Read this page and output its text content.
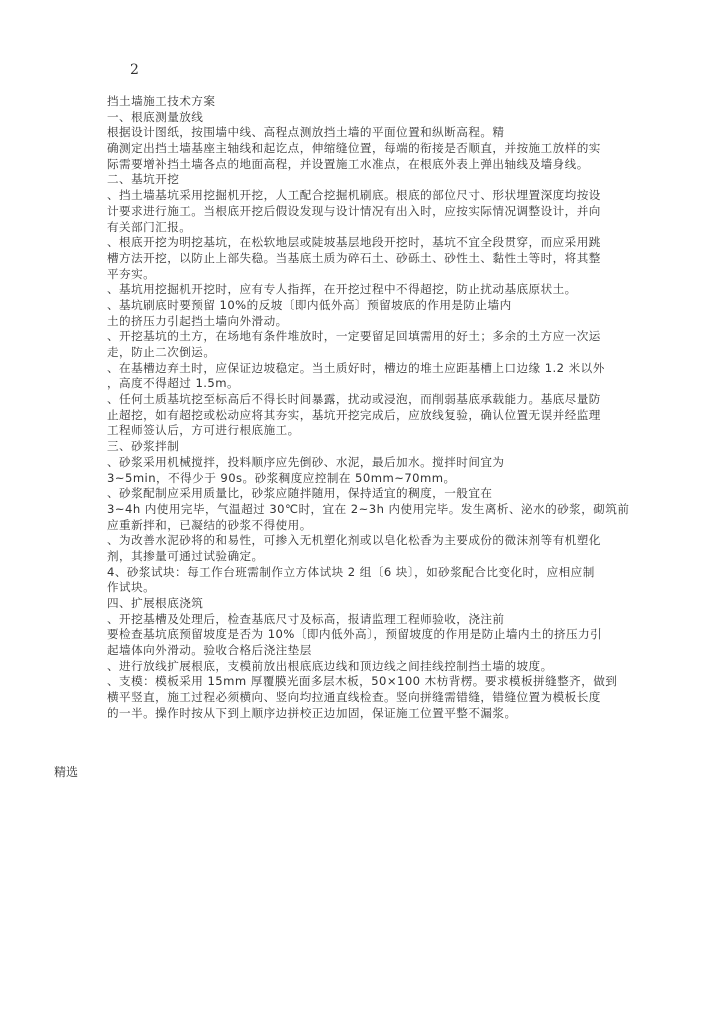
2
挡土墙施工技术方案
一、根底测量放线
根据设计图纸，按围墙中线、高程点测放挡土墙的平面位置和纵断高程。精
确测定出挡土墙基座主轴线和起讫点，伸缩缝位置，每端的衔接是否顺直，并按施工放样的实
际需要增补挡土墙各点的地面高程，并设置施工水准点，在根底外表上弹出轴线及墙身线。
二、基坑开挖
、挡土墙基坑采用挖掘机开挖，人工配合挖掘机刷底。根底的部位尺寸、形状埋置深度均按设
计要求进行施工。当根底开挖后假设发现与设计情况有出入时，应按实际情况调整设计，并向
有关部门汇报。
、根底开挖为明挖基坑，在松软地层或陡坡基层地段开挖时，基坑不宜全段贯穿，而应采用跳
槽方法开挖，以防止上部失稳。当基底土质为碎石土、砂砾土、砂性土、黏性土等时，将其整
平夯实。
、基坑用挖掘机开挖时，应有专人指挥，在开挖过程中不得超挖，防止扰动基底原状土。
、基坑刷底时要预留 10%的反坡〔即内低外高〕预留坡底的作用是防止墙内
土的挤压力引起挡土墙向外滑动。
、开挖基坑的土方，在场地有条件堆放时，一定要留足回填需用的好土；多余的土方应一次运
走，防止二次倒运。
、在基槽边弃土时，应保证边坡稳定。当土质好时，槽边的堆土应距基槽上口边缘 1.2 米以外
，高度不得超过 1.5m。
、任何土质基坑挖至标高后不得长时间暴露，扰动或浸泡，而削弱基底承载能力。基底尽量防
止超挖，如有超挖或松动应将其夯实，基坑开挖完成后，应放线复验，确认位置无误并经监理
工程师签认后，方可进行根底施工。
三、砂浆拌制
、砂浆采用机械搅拌，投料顺序应先倒砂、水泥，最后加水。搅拌时间宜为
3~5min，不得少于 90s。砂浆稠度应控制在 50mm~70mm。
、砂浆配制应采用质量比，砂浆应随拌随用，保持适宜的稠度，一般宜在
3~4h 内使用完毕，气温超过 30℃时，宜在 2~3h 内使用完毕。发生离析、泌水的砂浆，砌筑前
应重新拌和，已凝结的砂浆不得使用。
、为改善水泥砂将的和易性，可掺入无机塑化剂或以皂化松香为主要成份的微沫剂等有机塑化
剂，其掺量可通过试验确定。
4、砂浆试块：每工作台班需制作立方体试块 2 组〔6 块〕，如砂浆配合比变化时，应相应制
作试块。
四、扩展根底浇筑
、开挖基槽及处理后，检查基底尺寸及标高，报请监理工程师验收，浇注前
要检查基坑底预留坡度是否为 10%〔即内低外高〕，预留坡度的作用是防止墙内土的挤压力引
起墙体向外滑动。验收合格后浇注垫层
、进行放线扩展根底，支模前放出根底底边线和顶边线之间挂线控制挡土墙的坡度。
、支模：模板采用 15mm 厚覆膜光面多层木板，50×100 木枋背楞。要求模板拼缝整齐，做到
横平竖直，施工过程必须横向、竖向均拉通直线检查。竖向拼缝需错缝，错缝位置为模板长度
的一半。操作时按从下到上顺序边拼校正边加固，保证施工位置平整不漏浆。
精选
